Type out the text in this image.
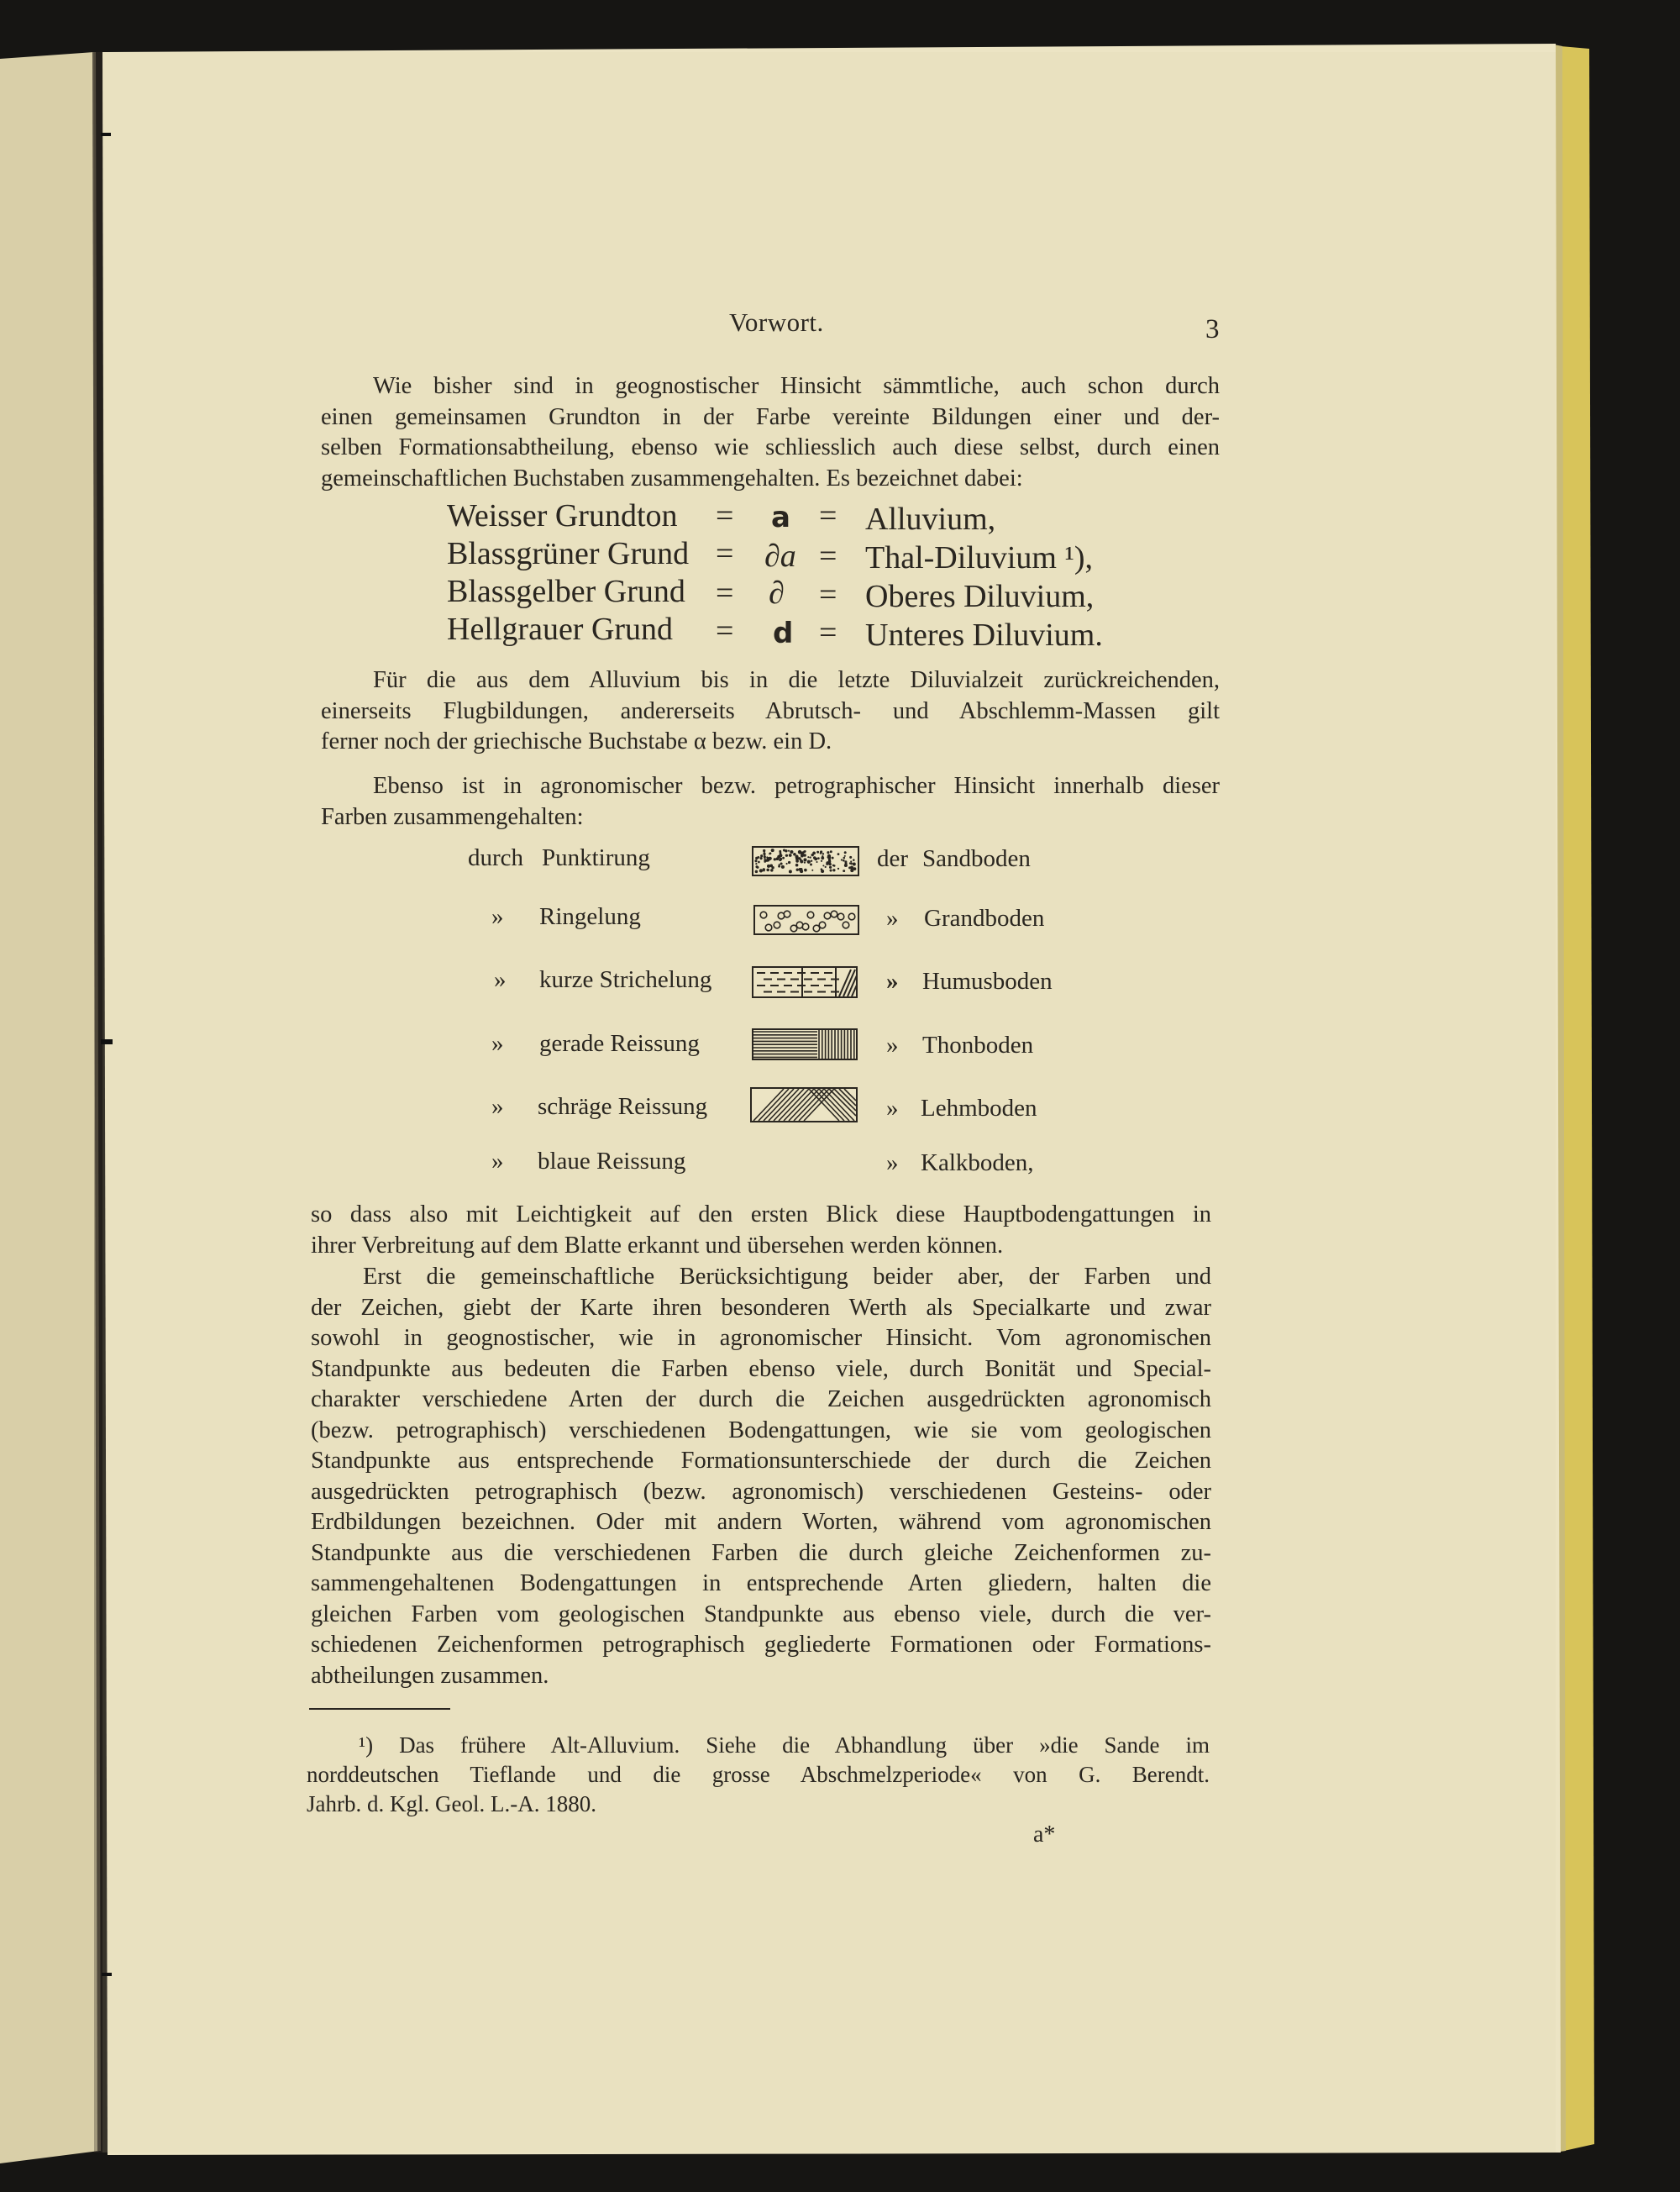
Vorwort.	3
Wie bisher sind in geognostischer Hinsicht sämmtliche, auch schon durch
einen gemeinsamen Grundton in der Farbe vereinte Bildungen einer und der-
selben Formationsabtheilung, ebenso wie schliesslich auch diese selbst, durch einen
gemeinschaftlichen Buchstaben zusammengehalten. Es bezeichnet dabei:
Weisser Grundton = a = Alluvium,
Blassgrüner Grund = ∂a = Thal-Diluvium ¹),
Blassgelber Grund = ∂ = Oberes Diluvium,
Hellgrauer Grund = d = Unteres Diluvium.
Für die aus dem Alluvium bis in die letzte Diluvialzeit zurückreichenden,
einerseits Flugbildungen, andererseits Abrutsch- und Abschlemm-Massen gilt
ferner noch der griechische Buchstabe α bezw. ein D.
Ebenso ist in agronomischer bezw. petrographischer Hinsicht innerhalb dieser
Farben zusammengehalten:
durch Punktirung	der Sandboden
» Ringelung	» Grandboden
» kurze Strichelung	» Humusboden
» gerade Reissung	» Thonboden
» schräge Reissung	» Lehmboden
» blaue Reissung	» Kalkboden,
so dass also mit Leichtigkeit auf den ersten Blick diese Hauptbodengattungen in
ihrer Verbreitung auf dem Blatte erkannt und übersehen werden können.
Erst die gemeinschaftliche Berücksichtigung beider aber, der Farben und
der Zeichen, giebt der Karte ihren besonderen Werth als Specialkarte und zwar
sowohl in geognostischer, wie in agronomischer Hinsicht. Vom agronomischen
Standpunkte aus bedeuten die Farben ebenso viele, durch Bonität und Special-
charakter verschiedene Arten der durch die Zeichen ausgedrückten agronomisch
(bezw. petrographisch) verschiedenen Bodengattungen, wie sie vom geologischen
Standpunkte aus entsprechende Formationsunterschiede der durch die Zeichen
ausgedrückten petrographisch (bezw. agronomisch) verschiedenen Gesteins- oder
Erdbildungen bezeichnen. Oder mit andern Worten, während vom agronomischen
Standpunkte aus die verschiedenen Farben die durch gleiche Zeichenformen zu-
sammengehaltenen Bodengattungen in entsprechende Arten gliedern, halten die
gleichen Farben vom geologischen Standpunkte aus ebenso viele, durch die ver-
schiedenen Zeichenformen petrographisch gegliederte Formationen oder Formations-
abtheilungen zusammen.
¹) Das frühere Alt-Alluvium. Siehe die Abhandlung über »die Sande im
norddeutschen Tieflande und die grosse Abschmelzperiode« von G. Berendt.
Jahrb. d. Kgl. Geol. L.-A. 1880.
a*
